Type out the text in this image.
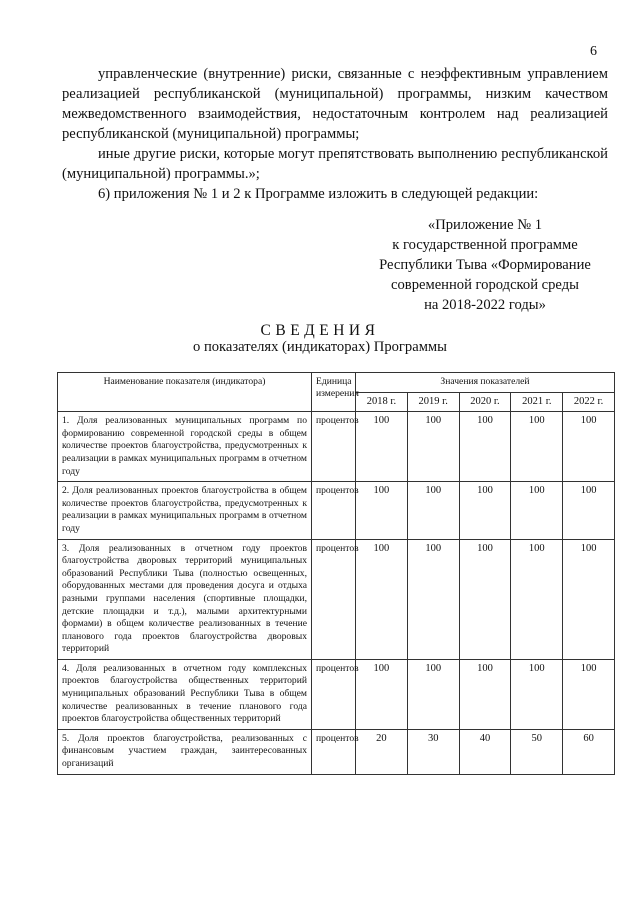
6

управленческие (внутренние) риски, связанные с неэффективным управлением реализацией республиканской (муниципальной) программы, низким качеством межведомственного взаимодействия, недостаточным контролем над реализацией республиканской (муниципальной) программы;

иные другие риски, которые могут препятствовать выполнению республиканской (муниципальной) программы.»;

6) приложения № 1 и 2 к Программе изложить в следующей редакции:

«Приложение № 1
к государственной программе
Республики Тыва «Формирование
современной городской среды
на 2018-2022 годы»
СВЕДЕНИЯ
о показателях (индикаторах) Программы
Наименование показателя (индикатора)	Единица измерения	Значения показателей				
		2018 г.	2019 г.	2020 г.	2021 г.	2022 г.
1. Доля реализованных муниципальных программ по формированию современной городской среды в общем количестве проектов благоустройства, предусмотренных к реализации в рамках муниципальных программ в отчетном году	процентов	100	100	100	100	100
2. Доля реализованных проектов благоустройства в общем количестве проектов благоустройства, предусмотренных к реализации в рамках муниципальных программ в отчетном году	процентов	100	100	100	100	100
3. Доля реализованных в отчетном году проектов благоустройства дворовых территорий муниципальных образований Республики Тыва (полностью освещенных, оборудованных местами для проведения досуга и отдыха разными группами населения (спортивные площадки, детские площадки и т.д.), малыми архитектурными формами) в общем количестве реализованных в течение планового года проектов благоустройства дворовых территорий	процентов	100	100	100	100	100
4. Доля реализованных в отчетном году комплексных проектов благоустройства общественных территорий муниципальных образований Республики Тыва в общем количестве реализованных в течение планового года проектов благоустройства общественных территорий	процентов	100	100	100	100	100
5. Доля проектов благоустройства, реализованных с финансовым участием граждан, заинтересованных организаций	процентов	20	30	40	50	60
